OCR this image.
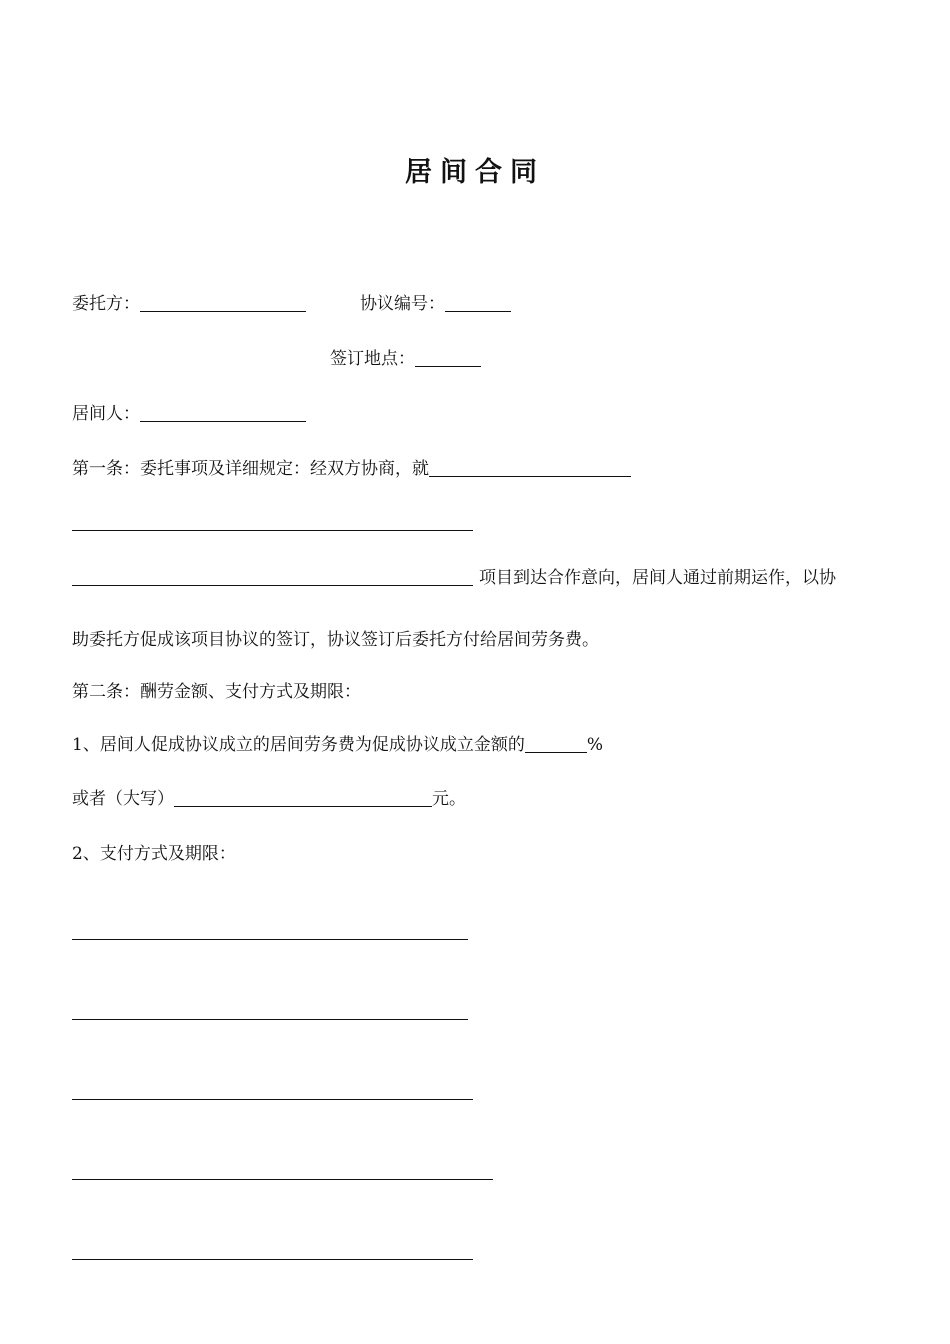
居间合同
委托方：	协议编号：
签订地点：
居间人：
第一条：委托事项及详细规定：经双方协商，就
项目到达合作意向，居间人通过前期运作，以协
助委托方促成该项目协议的签订，协议签订后委托方付给居间劳务费。
第二条：酬劳金额、支付方式及期限：
1、居间人促成协议成立的居间劳务费为促成协议成立金额的	%
或者（大写）	元。
2、支付方式及期限：
